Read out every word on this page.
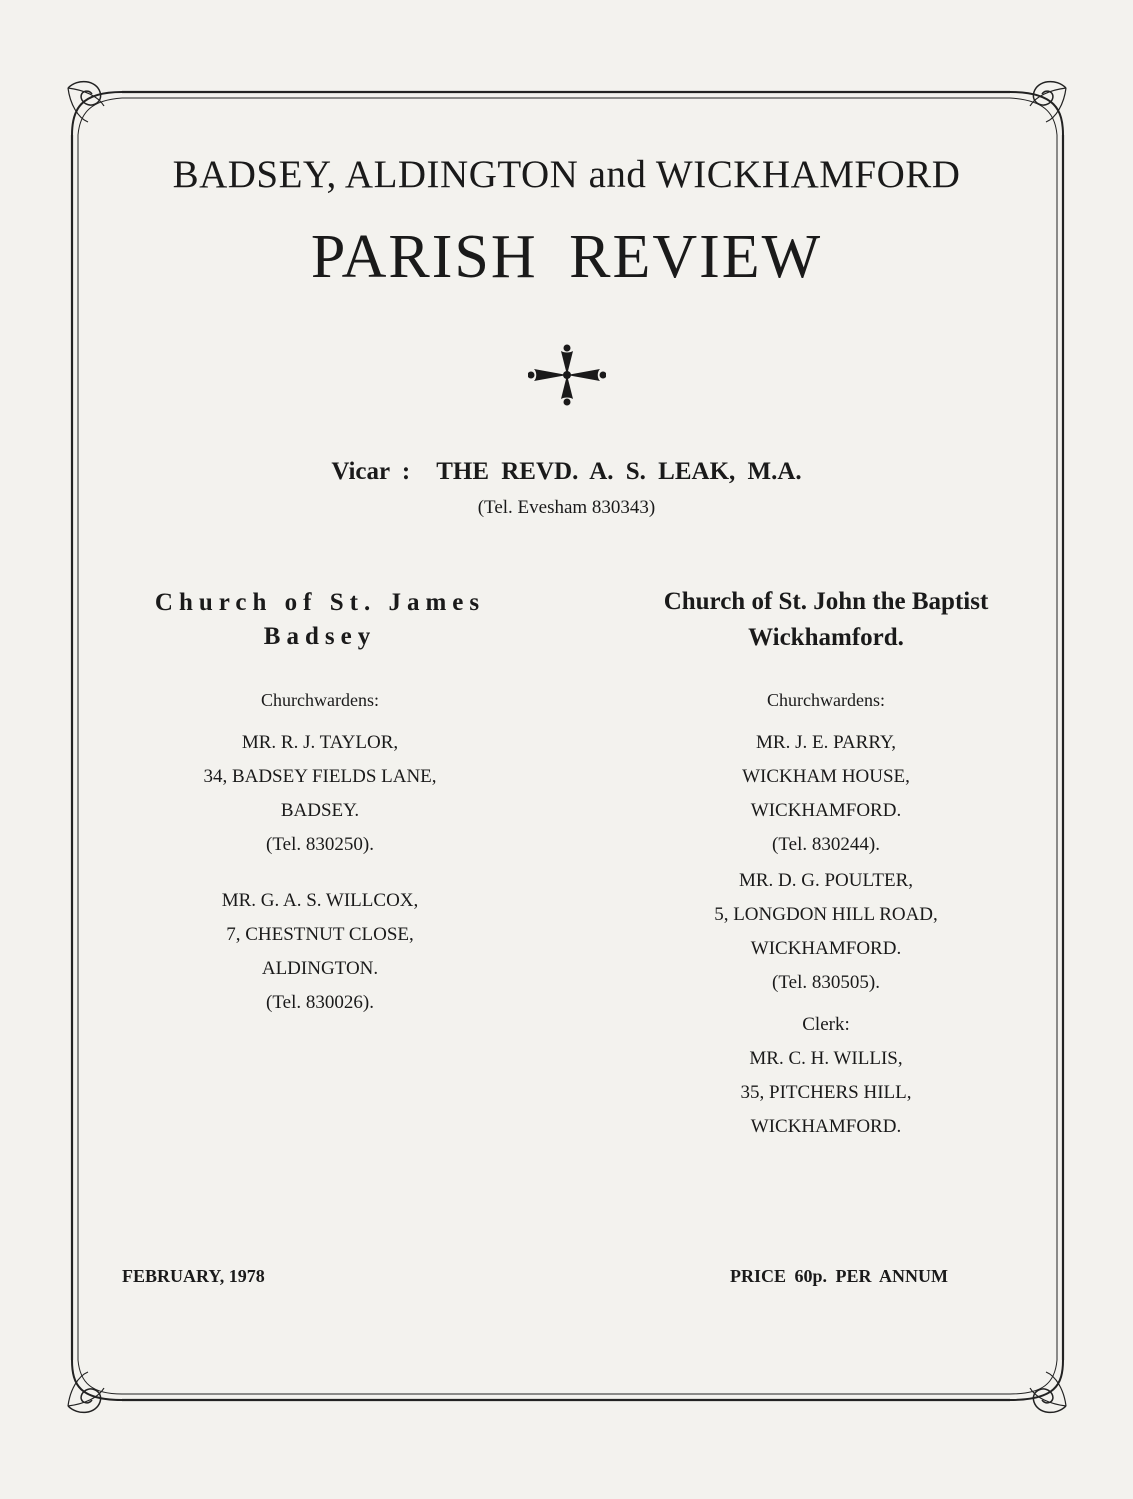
BADSEY, ALDINGTON and WICKHAMFORD
PARISH REVIEW
Vicar : THE REVD. A. S. LEAK, M.A.
(Tel. Evesham 830343)
Church of St. James
Badsey
Churchwardens:
MR. R. J. TAYLOR,
34, BADSEY FIELDS LANE,
BADSEY.
(Tel. 830250).
MR. G. A. S. WILLCOX,
7, CHESTNUT CLOSE,
ALDINGTON.
(Tel. 830026).
Church of St. John the Baptist
Wickhamford.
Churchwardens:
MR. J. E. PARRY,
WICKHAM HOUSE,
WICKHAMFORD.
(Tel. 830244).
MR. D. G. POULTER,
5, LONGDON HILL ROAD,
WICKHAMFORD.
(Tel. 830505).
Clerk:
MR. C. H. WILLIS,
35, PITCHERS HILL,
WICKHAMFORD.
FEBRUARY, 1978	PRICE 60p. PER ANNUM
